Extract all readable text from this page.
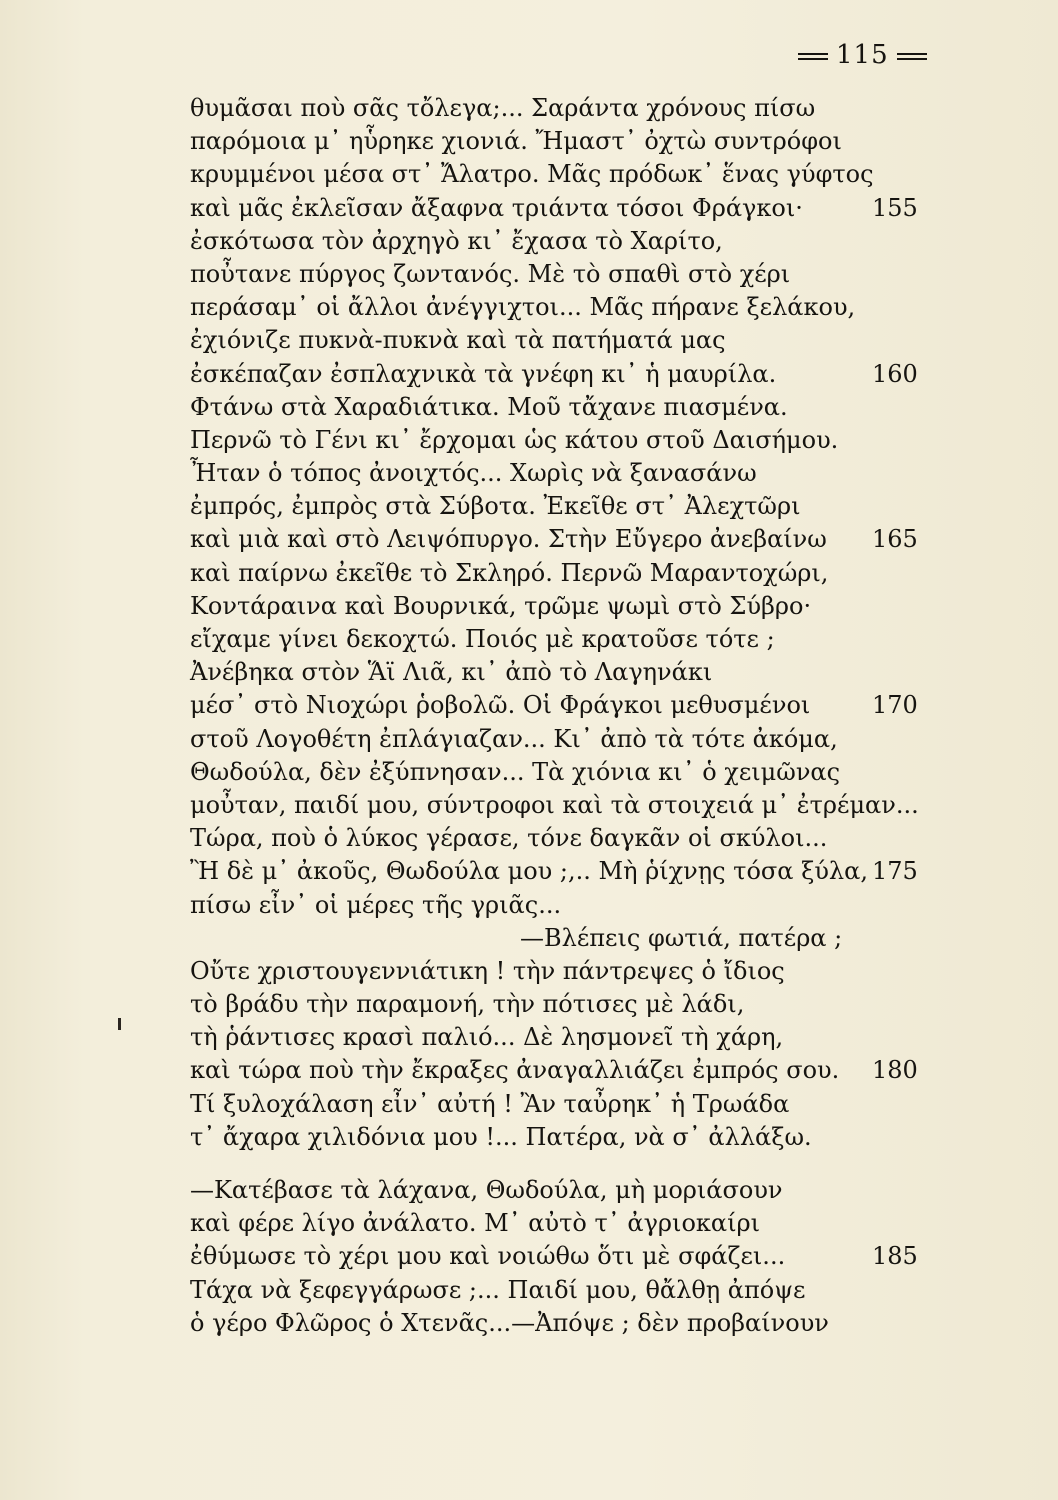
115
θυμᾶσαι ποὺ σᾶς τὄλεγα;... Σαράντα χρόνους πίσω
παρόμοια μ᾿ ηὗρηκε χιονιά. Ἤμαστ᾿ ὀχτὼ συντρόφοι
κρυμμένοι μέσα στ᾿ Ἄλατρο. Μᾶς πρόδωκ᾿ ἕνας γύφτος
καὶ μᾶς ἐκλεῖσαν ἄξαφνα τριάντα τόσοι Φράγκοι·	155
ἐσκότωσα τὸν ἀρχηγὸ κι᾿ ἔχασα τὸ Χαρίτο,
ποὖτανε πύργος ζωντανός. Μὲ τὸ σπαθὶ στὸ χέρι
περάσαμ᾿ οἱ ἄλλοι ἀνέγγιχτοι... Μᾶς πήρανε ξελάκου,
ἐχιόνιζε πυκνὰ-πυκνὰ καὶ τὰ πατήματά μας
ἐσκέπαζαν ἐσπλαχνικὰ τὰ γνέφη κι᾿ ἡ μαυρίλα.	160
Φτάνω στὰ Χαραδιάτικα. Μοῦ τἄχανε πιασμένα.
Περνῶ τὸ Γένι κι᾿ ἔρχομαι ὡς κάτου στοῦ Δαισήμου.
Ἦταν ὁ τόπος ἀνοιχτός... Χωρὶς νὰ ξανασάνω
ἐμπρός, ἐμπρὸς στὰ Σύβοτα. Ἐκεῖθε στ᾿ Ἀλεχτῶρι
καὶ μιὰ καὶ στὸ Λειψόπυργο. Στὴν Εὔγερο ἀνεβαίνω 165
καὶ παίρνω ἐκεῖθε τὸ Σκληρό. Περνῶ Μαραντοχώρι,
Κοντάραινα καὶ Βουρνικά, τρῶμε ψωμὶ στὸ Σύβρο·
εἴχαμε γίνει δεκοχτώ. Ποιός μὲ κρατοῦσε τότε ;
Ἀνέβηκα στὸν Ἅϊ Λιᾶ, κι᾿ ἀπὸ τὸ Λαγηνάκι
μέσ᾿ στὸ Νιοχώρι ῥοβολῶ. Οἱ Φράγκοι μεθυσμένοι	170
στοῦ Λογοθέτη ἐπλάγιαζαν... Κι᾿ ἀπὸ τὰ τότε ἀκόμα,
Θωδούλα, δὲν ἐξύπνησαν... Τὰ χιόνια κι᾿ ὁ χειμῶνας
μοὖταν, παιδί μου, σύντροφοι καὶ τὰ στοιχειά μ᾿ ἐτρέμαν...
Τώρα, ποὺ ὁ λύκος γέρασε, τόνε δαγκᾶν οἱ σκύλοι...
Ἢ δὲ μ᾿ ἀκοῦς, Θωδούλα μου ;,.. Μὴ ῥίχνῃς τόσα ξύλα, 175
πίσω εἶν᾿ οἱ μέρες τῆς γριᾶς...
—Βλέπεις φωτιά, πατέρα ;
Οὔτε χριστουγεννιάτικη ! τὴν πάντρεψες ὁ ἴδιος
τὸ βράδυ τὴν παραμονή, τὴν πότισες μὲ λάδι,
τὴ ῥάντισες κρασὶ παλιό... Δὲ λησμονεῖ τὴ χάρη,
καὶ τώρα ποὺ τὴν ἔκραξες ἀναγαλλιάζει ἐμπρός σου. 180
Τί ξυλοχάλαση εἶν᾿ αὐτή ! Ἂν ταὖρηκ᾿ ἡ Τρωάδα
τ᾿ ἄχαρα χιλιδόνια μου !... Πατέρα, νὰ σ᾿ ἀλλάξω.
—Κατέβασε τὰ λάχανα, Θωδούλα, μὴ μοριάσουν
καὶ φέρε λίγο ἀνάλατο. Μ᾿ αὐτὸ τ᾿ ἀγριοκαίρι
ἐθύμωσε τὸ χέρι μου καὶ νοιώθω ὅτι μὲ σφάζει...	185
Τάχα νὰ ξεφεγγάρωσε ;... Παιδί μου, θἄλθῃ ἀπόψε
ὁ γέρο Φλῶρος ὁ Χτενᾶς...—Ἀπόψε ; δὲν προβαίνουν
